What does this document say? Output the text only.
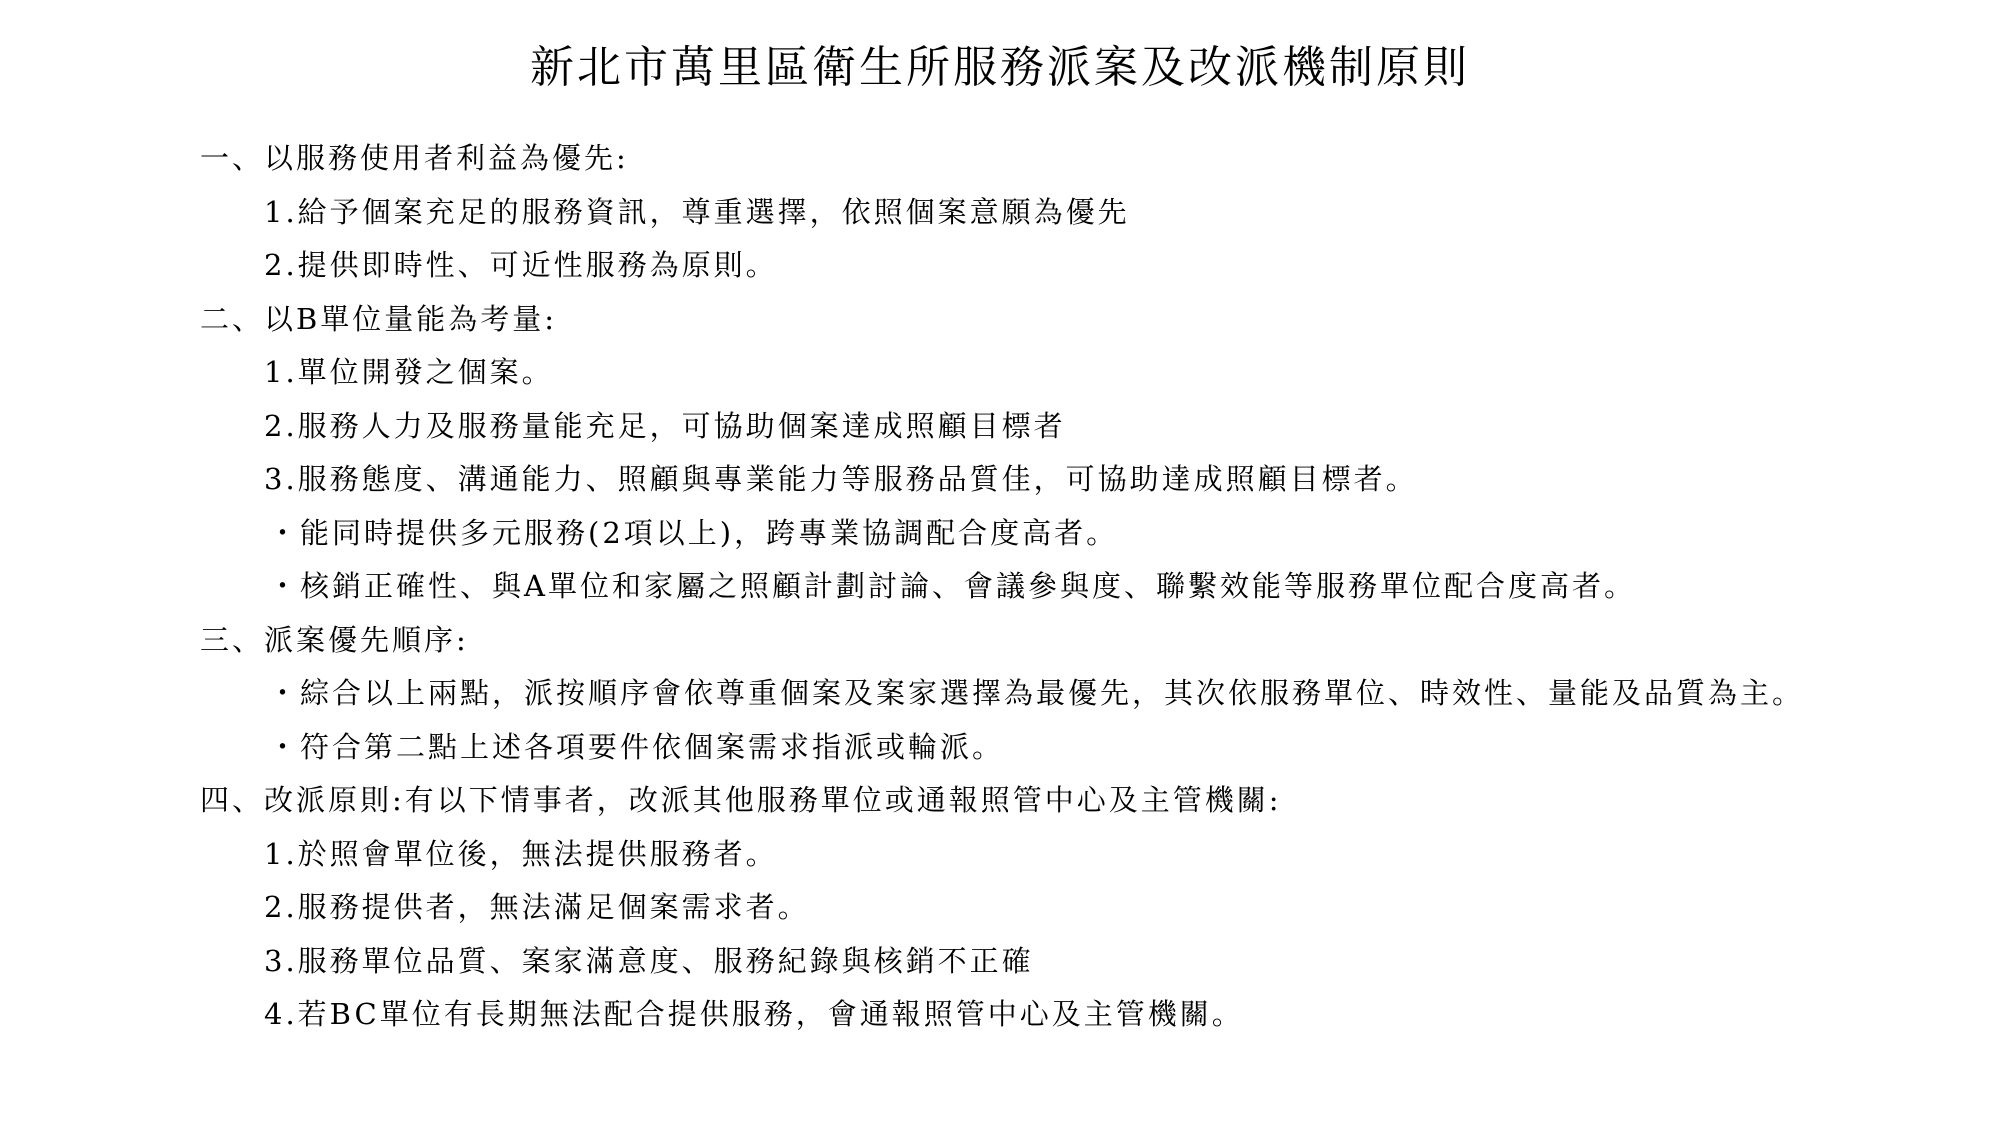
新北市萬里區衛生所服務派案及改派機制原則
一、以服務使用者利益為優先:
1.給予個案充足的服務資訊，尊重選擇，依照個案意願為優先
2.提供即時性、可近性服務為原則。
二、以B單位量能為考量:
1.單位開發之個案。
2.服務人力及服務量能充足，可協助個案達成照顧目標者
3.服務態度、溝通能力、照顧與專業能力等服務品質佳，可協助達成照顧目標者。
・能同時提供多元服務(2項以上)，跨專業協調配合度高者。
・核銷正確性、與A單位和家屬之照顧計劃討論、會議參與度、聯繫效能等服務單位配合度高者。
三、派案優先順序:
・綜合以上兩點，派按順序會依尊重個案及案家選擇為最優先，其次依服務單位、時效性、量能及品質為主。
・符合第二點上述各項要件依個案需求指派或輪派。
四、改派原則:有以下情事者，改派其他服務單位或通報照管中心及主管機關:
1.於照會單位後，無法提供服務者。
2.服務提供者，無法滿足個案需求者。
3.服務單位品質、案家滿意度、服務紀錄與核銷不正確
4.若BC單位有長期無法配合提供服務，會通報照管中心及主管機關。
